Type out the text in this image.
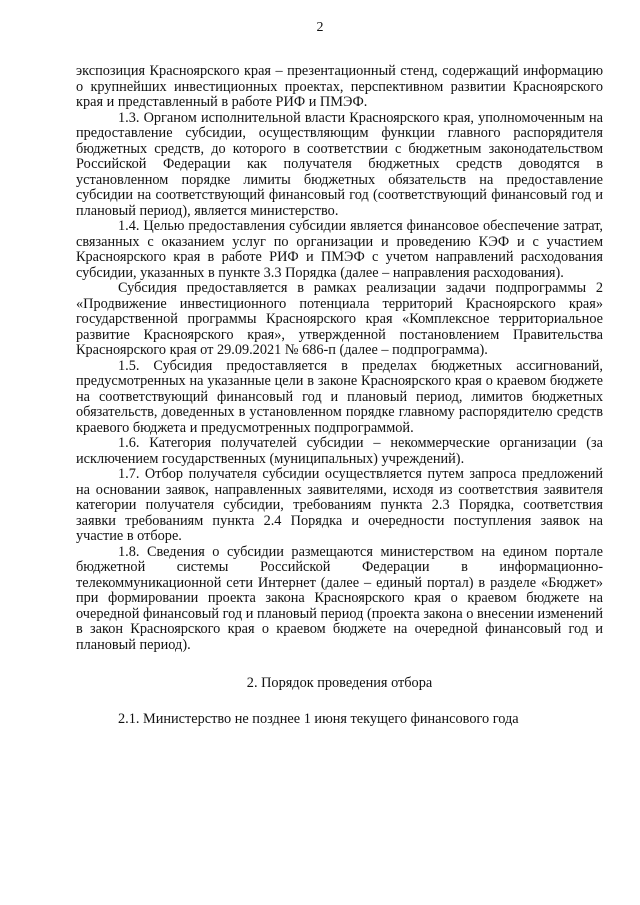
2

экспозиция Красноярского края – презентационный стенд, содержащий информацию о крупнейших инвестиционных проектах, перспективном развитии Красноярского края и представленный в работе РИФ и ПМЭФ.

1.3. Органом исполнительной власти Красноярского края, уполномоченным на предоставление субсидии, осуществляющим функции главного распорядителя бюджетных средств, до которого в соответствии с бюджетным законодательством Российской Федерации как получателя бюджетных средств доводятся в установленном порядке лимиты бюджетных обязательств на предоставление субсидии на соответствующий финансовый год (соответствующий финансовый год и плановый период), является министерство.

1.4. Целью предоставления субсидии является финансовое обеспечение затрат, связанных с оказанием услуг по организации и проведению КЭФ и с участием Красноярского края в работе РИФ и ПМЭФ с учетом направлений расходования субсидии, указанных в пункте 3.3 Порядка (далее – направления расходования).

Субсидия предоставляется в рамках реализации задачи подпрограммы 2 «Продвижение инвестиционного потенциала территорий Красноярского края» государственной программы Красноярского края «Комплексное территориальное развитие Красноярского края», утвержденной постановлением Правительства Красноярского края от 29.09.2021 № 686-п (далее – подпрограмма).

1.5. Субсидия предоставляется в пределах бюджетных ассигнований, предусмотренных на указанные цели в законе Красноярского края о краевом бюджете на соответствующий финансовый год и плановый период, лимитов бюджетных обязательств, доведенных в установленном порядке главному распорядителю средств краевого бюджета и предусмотренных подпрограммой.

1.6. Категория получателей субсидии – некоммерческие организации (за исключением государственных (муниципальных) учреждений).

1.7. Отбор получателя субсидии осуществляется путем запроса предложений на основании заявок, направленных заявителями, исходя из соответствия заявителя категории получателя субсидии, требованиям пункта 2.3 Порядка, соответствия заявки требованиям пункта 2.4 Порядка и очередности поступления заявок на участие в отборе.

1.8. Сведения о субсидии размещаются министерством на едином портале бюджетной системы Российской Федерации в информационно-телекоммуникационной сети Интернет (далее – единый портал) в разделе «Бюджет» при формировании проекта закона Красноярского края о краевом бюджете на очередной финансовый год и плановый период (проекта закона о внесении изменений в закон Красноярского края о краевом бюджете на очередной финансовый год и плановый период).

2. Порядок проведения отбора

2.1. Министерство не позднее 1 июня текущего финансового года
